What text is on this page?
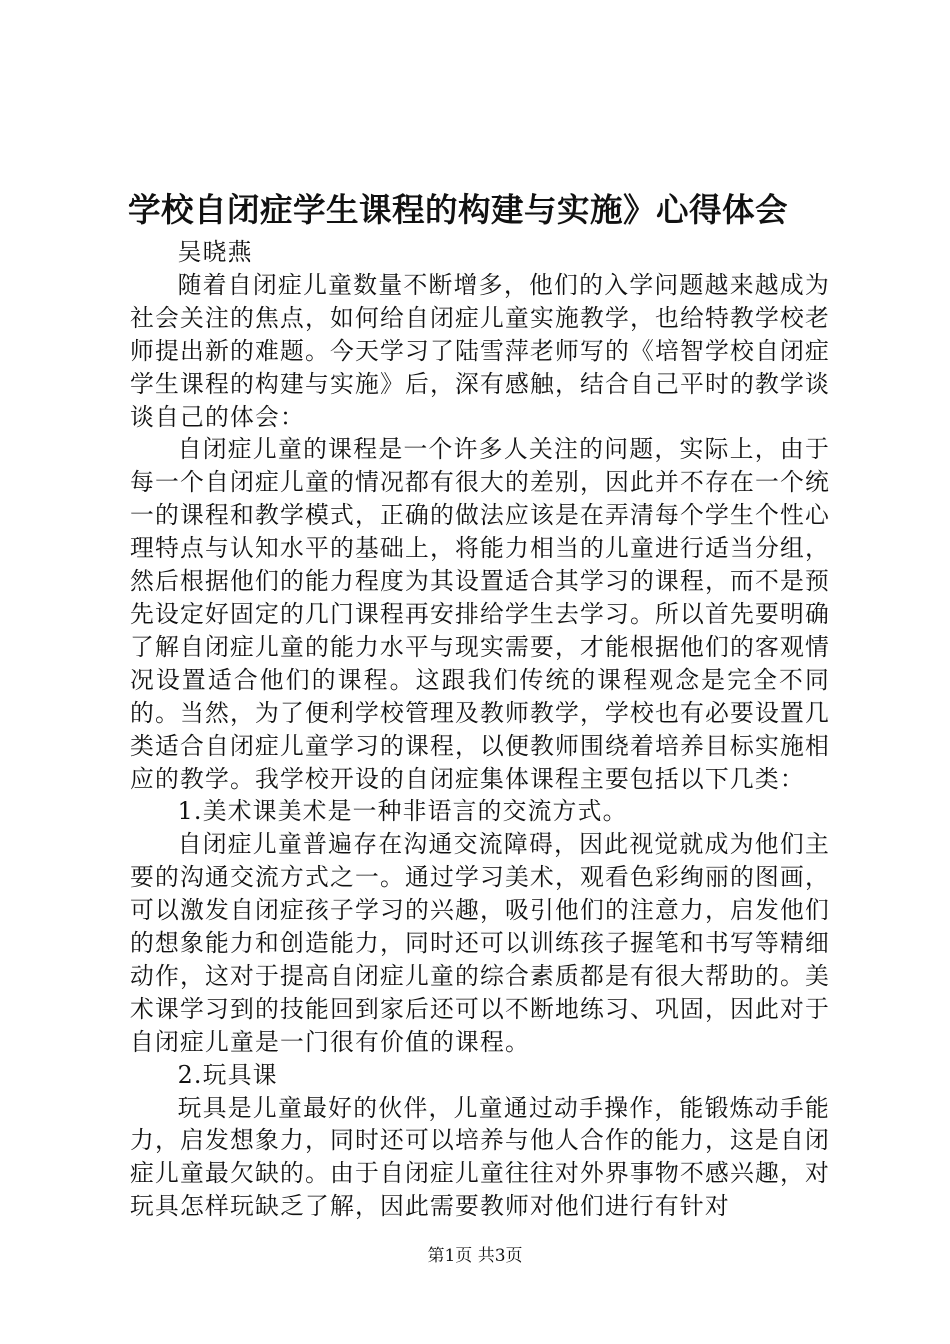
学校自闭症学生课程的构建与实施》心得体会

吴晓燕

随着自闭症儿童数量不断增多，他们的入学问题越来越成为社会关注的焦点，如何给自闭症儿童实施教学，也给特教学校老师提出新的难题。今天学习了陆雪萍老师写的《培智学校自闭症学生课程的构建与实施》后，深有感触，结合自己平时的教学谈谈自己的体会：

自闭症儿童的课程是一个许多人关注的问题，实际上，由于每一个自闭症儿童的情况都有很大的差别，因此并不存在一个统一的课程和教学模式，正确的做法应该是在弄清每个学生个性心理特点与认知水平的基础上，将能力相当的儿童进行适当分组，然后根据他们的能力程度为其设置适合其学习的课程，而不是预先设定好固定的几门课程再安排给学生去学习。所以首先要明确了解自闭症儿童的能力水平与现实需要，才能根据他们的客观情况设置适合他们的课程。这跟我们传统的课程观念是完全不同的。当然，为了便利学校管理及教师教学，学校也有必要设置几类适合自闭症儿童学习的课程，以便教师围绕着培养目标实施相应的教学。我学校开设的自闭症集体课程主要包括以下几类：

1.美术课美术是一种非语言的交流方式。

自闭症儿童普遍存在沟通交流障碍，因此视觉就成为他们主要的沟通交流方式之一。通过学习美术，观看色彩绚丽的图画，可以激发自闭症孩子学习的兴趣，吸引他们的注意力，启发他们的想象能力和创造能力，同时还可以训练孩子握笔和书写等精细动作，这对于提高自闭症儿童的综合素质都是有很大帮助的。美术课学习到的技能回到家后还可以不断地练习、巩固，因此对于自闭症儿童是一门很有价值的课程。

2.玩具课

玩具是儿童最好的伙伴，儿童通过动手操作，能锻炼动手能力，启发想象力，同时还可以培养与他人合作的能力，这是自闭症儿童最欠缺的。由于自闭症儿童往往对外界事物不感兴趣，对玩具怎样玩缺乏了解，因此需要教师对他们进行有针对

第1页 共3页
